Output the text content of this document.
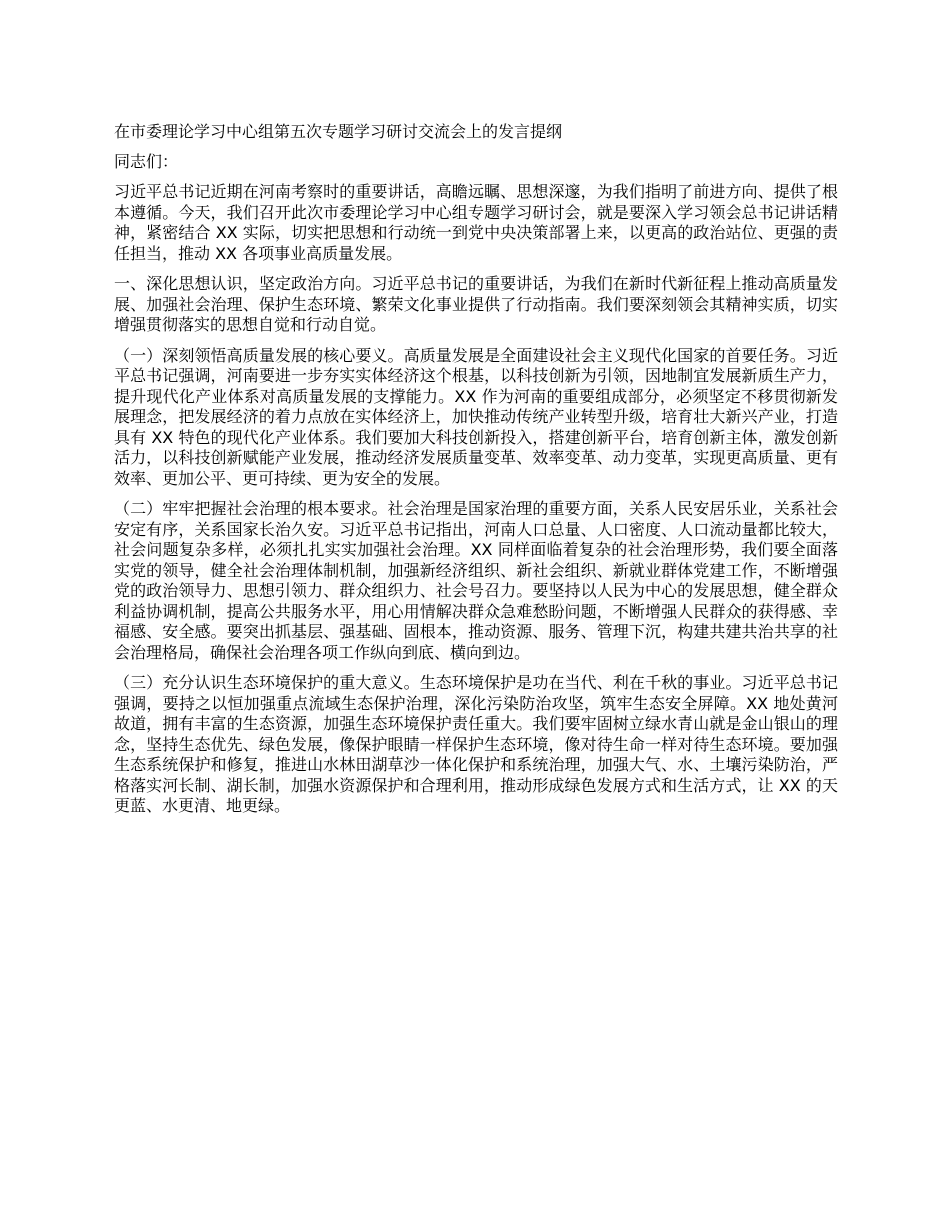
在市委理论学习中心组第五次专题学习研讨交流会上的发言提纲
同志们：
习近平总书记近期在河南考察时的重要讲话，高瞻远瞩、思想深邃，为我们指明了前进方向、提供了根本遵循。今天，我们召开此次市委理论学习中心组专题学习研讨会，就是要深入学习领会总书记讲话精神，紧密结合 XX 实际，切实把思想和行动统一到党中央决策部署上来，以更高的政治站位、更强的责任担当，推动 XX 各项事业高质量发展。
一、深化思想认识，坚定政治方向。习近平总书记的重要讲话，为我们在新时代新征程上推动高质量发展、加强社会治理、保护生态环境、繁荣文化事业提供了行动指南。我们要深刻领会其精神实质，切实增强贯彻落实的思想自觉和行动自觉。
（一）深刻领悟高质量发展的核心要义。高质量发展是全面建设社会主义现代化国家的首要任务。习近平总书记强调，河南要进一步夯实实体经济这个根基，以科技创新为引领，因地制宜发展新质生产力，提升现代化产业体系对高质量发展的支撑能力。XX 作为河南的重要组成部分，必须坚定不移贯彻新发展理念，把发展经济的着力点放在实体经济上，加快推动传统产业转型升级，培育壮大新兴产业，打造具有 XX 特色的现代化产业体系。我们要加大科技创新投入，搭建创新平台，培育创新主体，激发创新活力，以科技创新赋能产业发展，推动经济发展质量变革、效率变革、动力变革，实现更高质量、更有效率、更加公平、更可持续、更为安全的发展。
（二）牢牢把握社会治理的根本要求。社会治理是国家治理的重要方面，关系人民安居乐业，关系社会安定有序，关系国家长治久安。习近平总书记指出，河南人口总量、人口密度、人口流动量都比较大，社会问题复杂多样，必须扎扎实实加强社会治理。XX 同样面临着复杂的社会治理形势，我们要全面落实党的领导，健全社会治理体制机制，加强新经济组织、新社会组织、新就业群体党建工作，不断增强党的政治领导力、思想引领力、群众组织力、社会号召力。要坚持以人民为中心的发展思想，健全群众利益协调机制，提高公共服务水平，用心用情解决群众急难愁盼问题，不断增强人民群众的获得感、幸福感、安全感。要突出抓基层、强基础、固根本，推动资源、服务、管理下沉，构建共建共治共享的社会治理格局，确保社会治理各项工作纵向到底、横向到边。
（三）充分认识生态环境保护的重大意义。生态环境保护是功在当代、利在千秋的事业。习近平总书记强调，要持之以恒加强重点流域生态保护治理，深化污染防治攻坚，筑牢生态安全屏障。XX 地处黄河故道，拥有丰富的生态资源，加强生态环境保护责任重大。我们要牢固树立绿水青山就是金山银山的理念，坚持生态优先、绿色发展，像保护眼睛一样保护生态环境，像对待生命一样对待生态环境。要加强生态系统保护和修复，推进山水林田湖草沙一体化保护和系统治理，加强大气、水、土壤污染防治，严格落实河长制、湖长制，加强水资源保护和合理利用，推动形成绿色发展方式和生活方式，让 XX 的天更蓝、水更清、地更绿。
